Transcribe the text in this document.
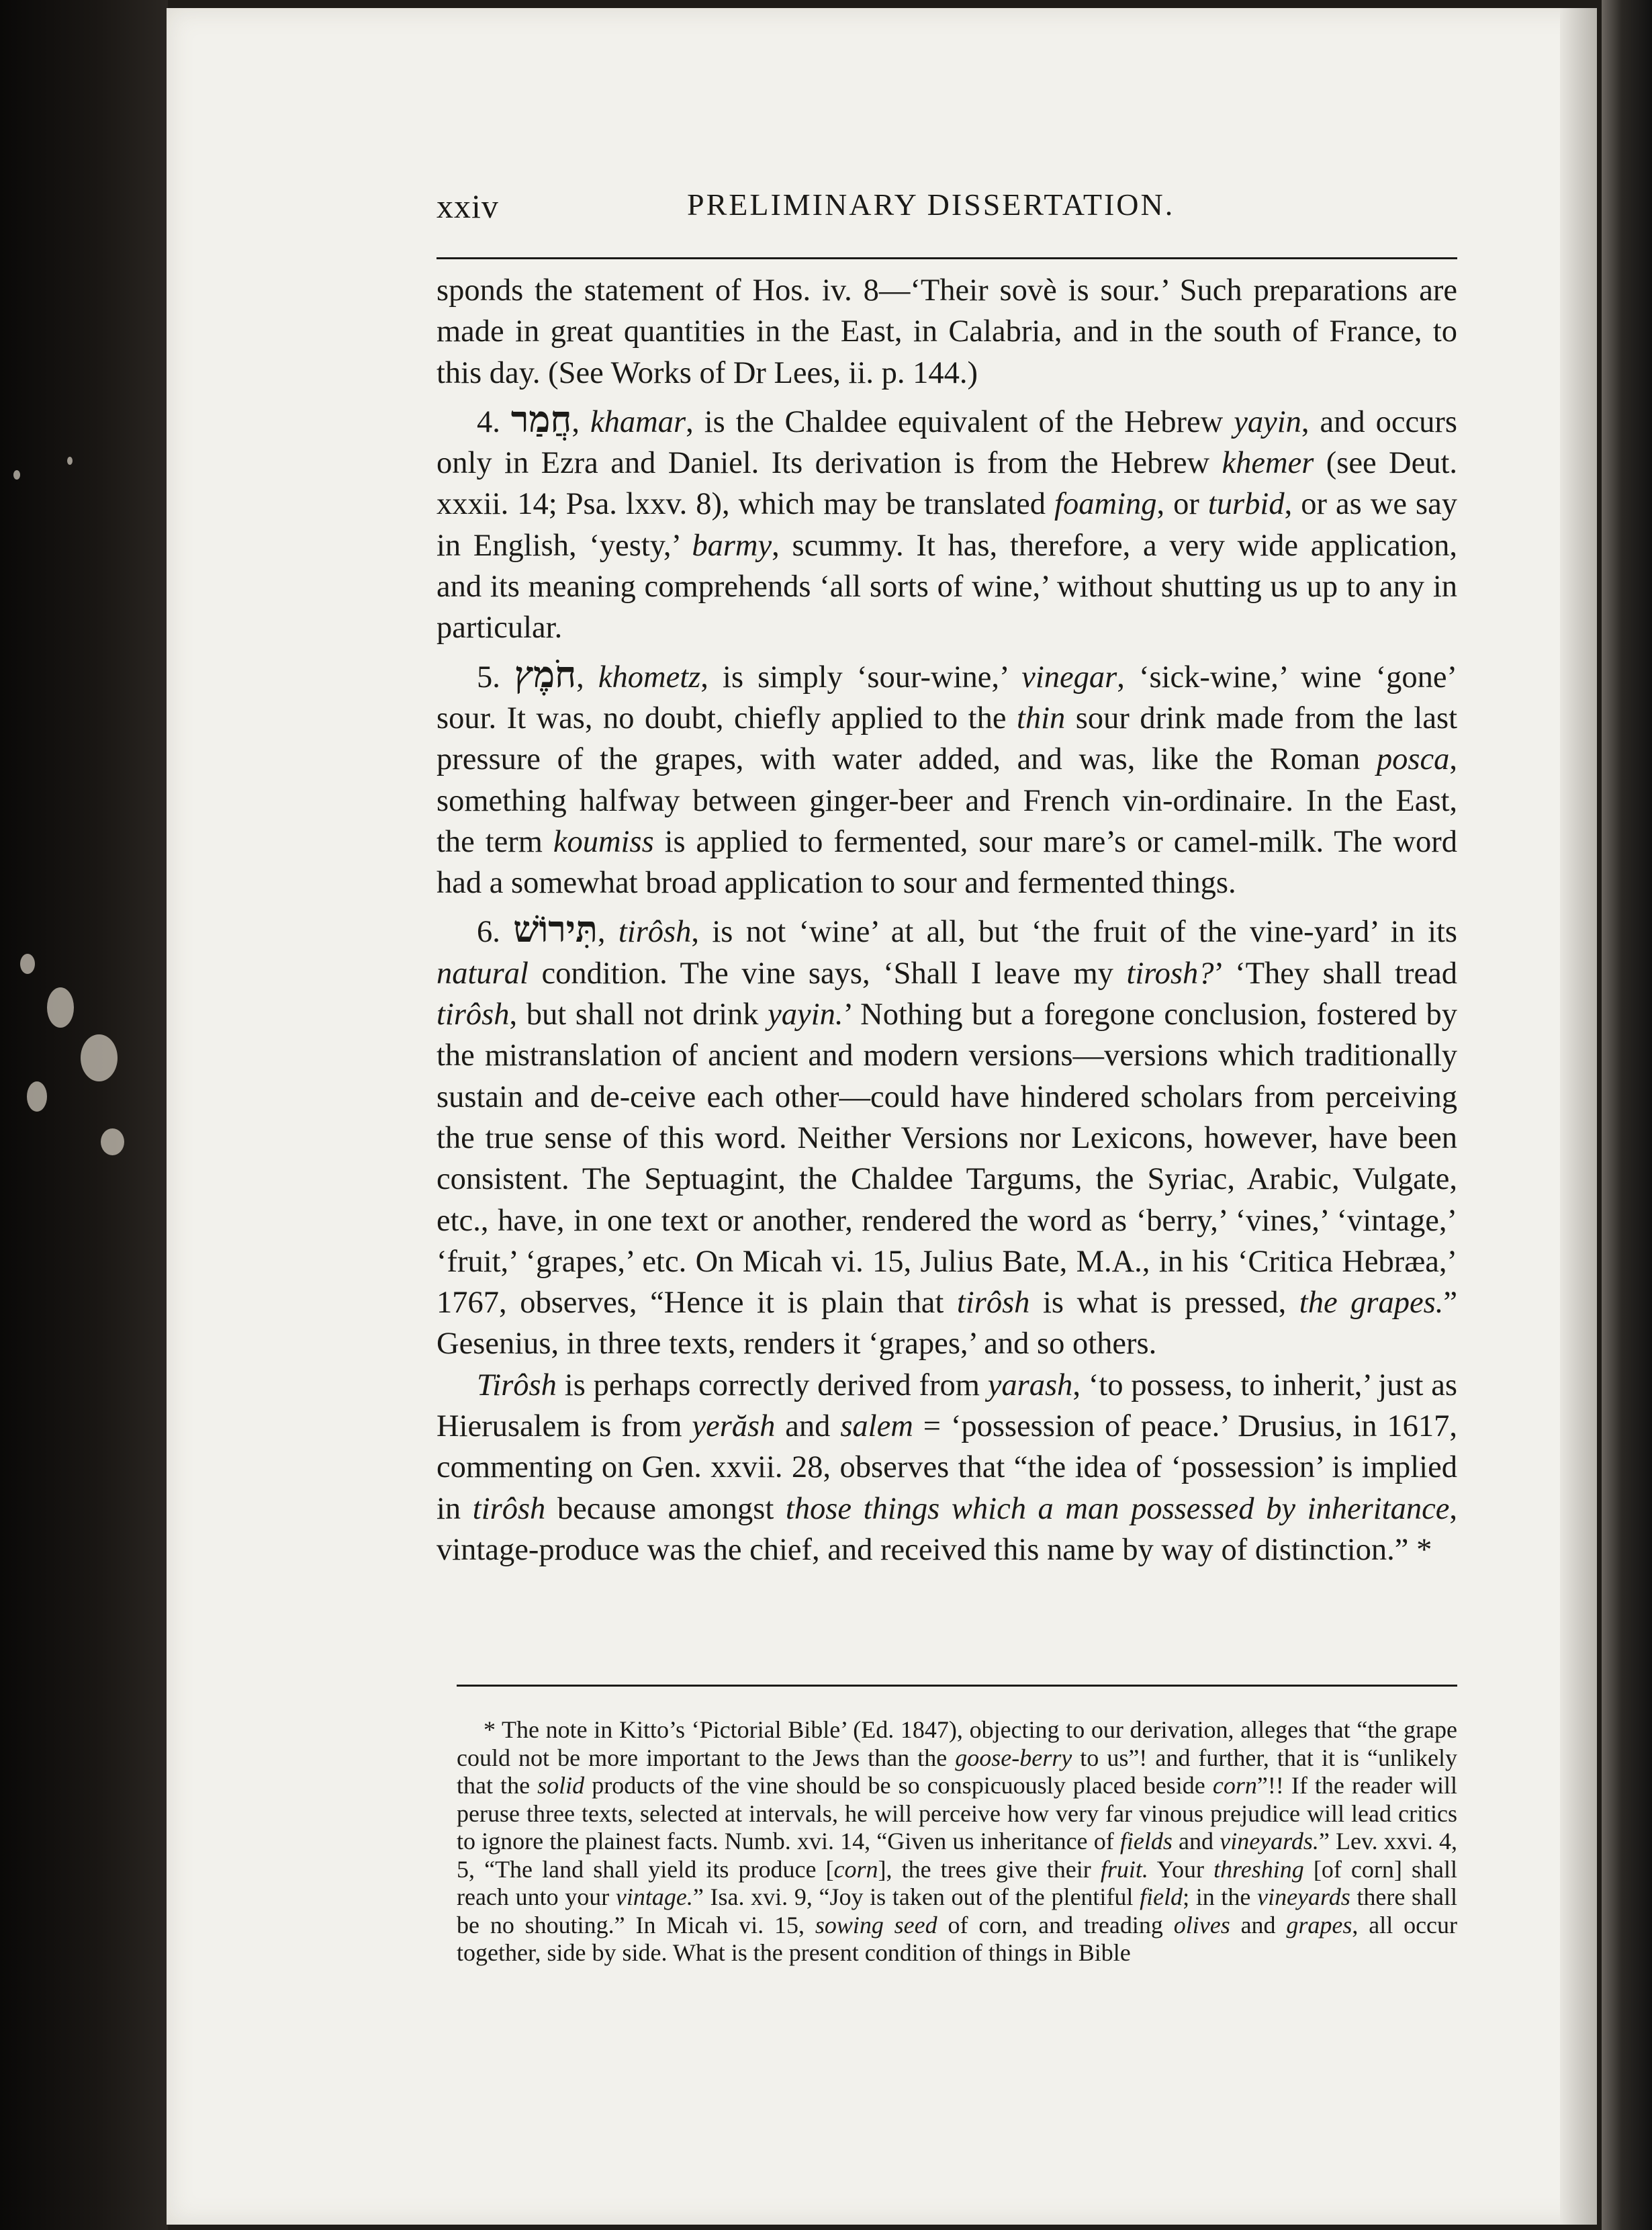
xxiv	PRELIMINARY DISSERTATION.

sponds the statement of Hos. iv. 8—‘Their sovè is sour.’ Such preparations are made in great quantities in the East, in Calabria, and in the south of France, to this day. (See Works of Dr Lees, ii. p. 144.)

4. חֲמַר, khamar, is the Chaldee equivalent of the Hebrew yayin, and occurs only in Ezra and Daniel. Its derivation is from the Hebrew khemer (see Deut. xxxii. 14; Psa. lxxv. 8), which may be translated foaming, or turbid, or as we say in English, ‘yesty,’ barmy, scummy. It has, therefore, a very wide application, and its meaning comprehends ‘all sorts of wine,’ without shutting us up to any in particular.

5. חֹמֶץ, khometz, is simply ‘sour-wine,’ vinegar, ‘sick-wine,’ wine ‘gone’ sour. It was, no doubt, chiefly applied to the thin sour drink made from the last pressure of the grapes, with water added, and was, like the Roman posca, something halfway between ginger-beer and French vin-ordinaire. In the East, the term koumiss is applied to fermented, sour mare’s or camel-milk. The word had a somewhat broad application to sour and fermented things.

6. תִּירוֹשׁ, tirôsh, is not ‘wine’ at all, but ‘the fruit of the vine-yard’ in its natural condition. The vine says, ‘Shall I leave my tirosh?’ ‘They shall tread tirôsh, but shall not drink yayin.’ Nothing but a foregone conclusion, fostered by the mistranslation of ancient and modern versions—versions which traditionally sustain and de-ceive each other—could have hindered scholars from perceiving the true sense of this word. Neither Versions nor Lexicons, however, have been consistent. The Septuagint, the Chaldee Targums, the Syriac, Arabic, Vulgate, etc., have, in one text or another, rendered the word as ‘berry,’ ‘vines,’ ‘vintage,’ ‘fruit,’ ‘grapes,’ etc. On Micah vi. 15, Julius Bate, M.A., in his ‘Critica Hebræa,’ 1767, observes, “Hence it is plain that tirôsh is what is pressed, the grapes.” Gesenius, in three texts, renders it ‘grapes,’ and so others.

Tirôsh is perhaps correctly derived from yarash, ‘to possess, to inherit,’ just as Hierusalem is from yerăsh and salem = ‘possession of peace.’ Drusius, in 1617, commenting on Gen. xxvii. 28, observes that “the idea of ‘possession’ is implied in tirôsh because amongst those things which a man possessed by inheritance, vintage-produce was the chief, and received this name by way of distinction.” *

* The note in Kitto’s ‘Pictorial Bible’ (Ed. 1847), objecting to our derivation, alleges that “the grape could not be more important to the Jews than the goose-berry to us”! and further, that it is “unlikely that the solid products of the vine should be so conspicuously placed beside corn”!! If the reader will peruse three texts, selected at intervals, he will perceive how very far vinous prejudice will lead critics to ignore the plainest facts. Numb. xvi. 14, “Given us inheritance of fields and vineyards.” Lev. xxvi. 4, 5, “The land shall yield its produce [corn], the trees give their fruit. Your threshing [of corn] shall reach unto your vintage.” Isa. xvi. 9, “Joy is taken out of the plentiful field; in the vineyards there shall be no shouting.” In Micah vi. 15, sowing seed of corn, and treading olives and grapes, all occur together, side by side. What is the present condition of things in Bible
